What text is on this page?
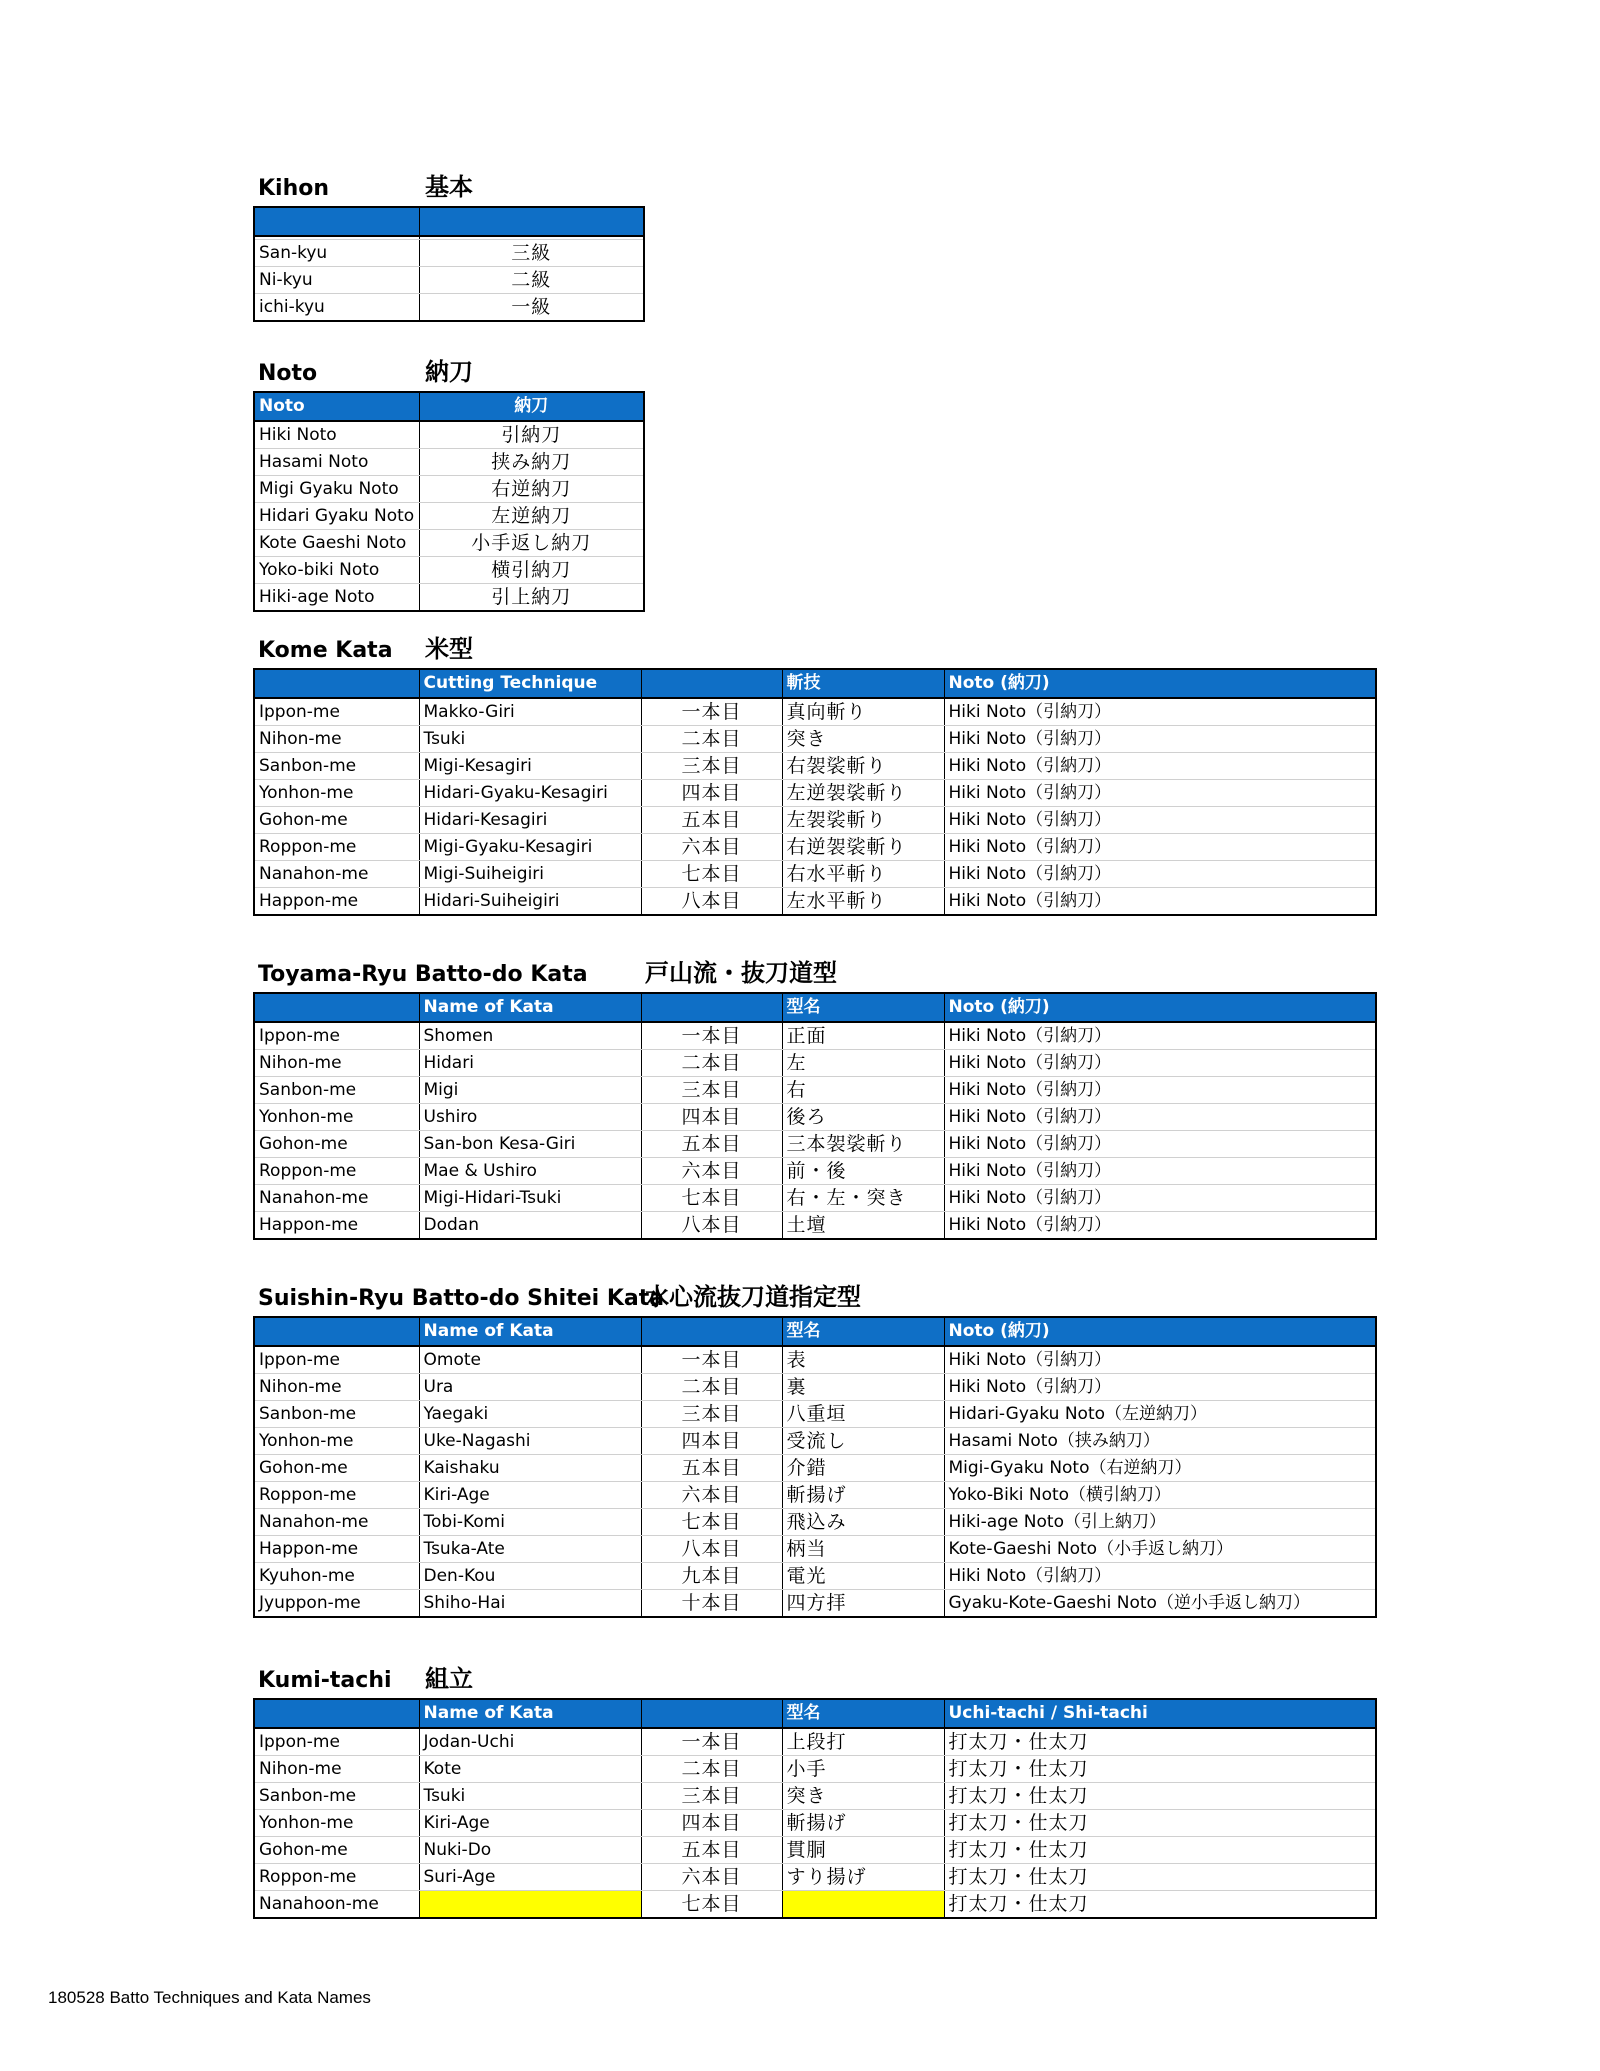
Kihon	基本

San-kyu	三級
Ni-kyu	二級
ichi-kyu	一級
Noto	納刀
Noto	納刀
Hiki Noto	引納刀
Hasami Noto	挟み納刀
Migi Gyaku Noto	右逆納刀
Hidari Gyaku Noto	左逆納刀
Kote Gaeshi Noto	小手返し納刀
Yoko-biki Noto	横引納刀
Hiki-age Noto	引上納刀
Kome Kata 米型
	Cutting Technique		斬技	Noto (納刀)
Ippon-me	Makko-Giri	一本目	真向斬り	Hiki Noto（引納刀）
Nihon-me	Tsuki	二本目	突き	Hiki Noto（引納刀）
Sanbon-me	Migi-Kesagiri	三本目	右袈裟斬り	Hiki Noto（引納刀）
Yonhon-me	Hidari-Gyaku-Kesagiri	四本目	左逆袈裟斬り	Hiki Noto（引納刀）
Gohon-me	Hidari-Kesagiri	五本目	左袈裟斬り	Hiki Noto（引納刀）
Roppon-me	Migi-Gyaku-Kesagiri	六本目	右逆袈裟斬り	Hiki Noto（引納刀）
Nanahon-me	Migi-Suiheigiri	七本目	右水平斬り	Hiki Noto（引納刀）
Happon-me	Hidari-Suiheigiri	八本目	左水平斬り	Hiki Noto（引納刀）
Toyama-Ryu Batto-do Kata 戸山流・抜刀道型
	Name of Kata		型名	Noto (納刀)
Ippon-me	Shomen	一本目	正面	Hiki Noto（引納刀）
Nihon-me	Hidari	二本目	左	Hiki Noto（引納刀）
Sanbon-me	Migi	三本目	右	Hiki Noto（引納刀）
Yonhon-me	Ushiro	四本目	後ろ	Hiki Noto（引納刀）
Gohon-me	San-bon Kesa-Giri	五本目	三本袈裟斬り	Hiki Noto（引納刀）
Roppon-me	Mae & Ushiro	六本目	前・後	Hiki Noto（引納刀）
Nanahon-me	Migi-Hidari-Tsuki	七本目	右・左・突き	Hiki Noto（引納刀）
Happon-me	Dodan	八本目	土壇	Hiki Noto（引納刀）
Suishin-Ryu Batto-do Shitei Kata
水心流抜刀道指定型
	Name of Kata		型名	Noto (納刀)
Ippon-me	Omote	一本目	表	Hiki Noto（引納刀）
Nihon-me	Ura	二本目	裏	Hiki Noto（引納刀）
Sanbon-me	Yaegaki	三本目	八重垣	Hidari-Gyaku Noto（左逆納刀）
Yonhon-me	Uke-Nagashi	四本目	受流し	Hasami Noto（挟み納刀）
Gohon-me	Kaishaku	五本目	介錯	Migi-Gyaku Noto（右逆納刀）
Roppon-me	Kiri-Age	六本目	斬揚げ	Yoko-Biki Noto（横引納刀）
Nanahon-me	Tobi-Komi	七本目	飛込み	Hiki-age Noto（引上納刀）
Happon-me	Tsuka-Ate	八本目	柄当	Kote-Gaeshi Noto（小手返し納刀）
Kyuhon-me	Den-Kou	九本目	電光	Hiki Noto（引納刀）
Jyuppon-me	Shiho-Hai	十本目	四方拝	Gyaku-Kote-Gaeshi Noto（逆小手返し納刀）
Kumi-tachi 組立
	Name of Kata		型名	Uchi-tachi / Shi-tachi
Ippon-me	Jodan-Uchi	一本目	上段打	打太刀・仕太刀
Nihon-me	Kote	二本目	小手	打太刀・仕太刀
Sanbon-me	Tsuki	三本目	突き	打太刀・仕太刀
Yonhon-me	Kiri-Age	四本目	斬揚げ	打太刀・仕太刀
Gohon-me	Nuki-Do	五本目	貫胴	打太刀・仕太刀
Roppon-me	Suri-Age	六本目	すり揚げ	打太刀・仕太刀
Nanahoon-me		七本目		打太刀・仕太刀
180528 Batto Techniques and Kata Names
